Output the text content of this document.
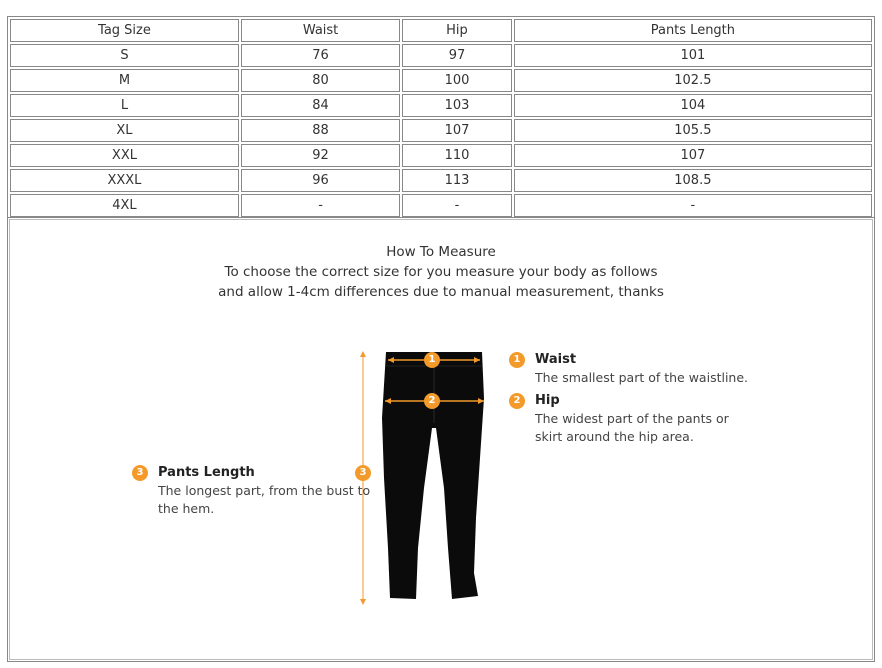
Tag Size	Waist	Hip	Pants Length
S	76	97	101
M	80	100	102.5
L	84	103	104
XL	88	107	105.5
XXL	92	110	107
XXXL	96	113	108.5
4XL	-	-	-
How To Measure
To choose the correct size for you measure your body as follows
and allow 1-4cm differences due to manual measurement, thanks
1
2
3
1	Waist
The smallest part of the waistline.
2	Hip
The widest part of the pants or
skirt around the hip area.
3	Pants Length
The longest part, from the bust to
the hem.
